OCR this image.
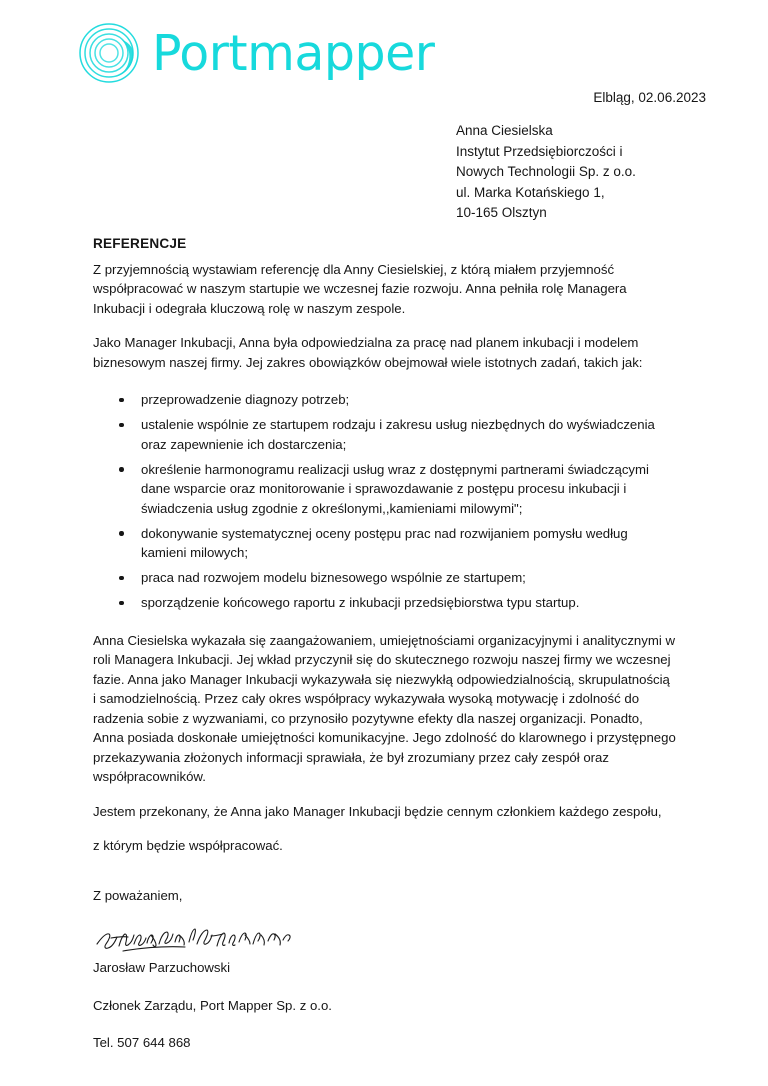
Portmapper
Elbląg, 02.06.2023
Anna Ciesielska
Instytut Przedsiębiorczości i
Nowych Technologii Sp. z o.o.
ul. Marka Kotańskiego 1,
10-165 Olsztyn
REFERENCJE

Z przyjemnością wystawiam referencję dla Anny Ciesielskiej, z którą miałem przyjemność współpracować w naszym startupie we wczesnej fazie rozwoju. Anna pełniła rolę Managera Inkubacji i odegrała kluczową rolę w naszym zespole.

Jako Manager Inkubacji, Anna była odpowiedzialna za pracę nad planem inkubacji i modelem biznesowym naszej firmy. Jej zakres obowiązków obejmował wiele istotnych zadań, takich jak:

przeprowadzenie diagnozy potrzeb;
ustalenie wspólnie ze startupem rodzaju i zakresu usług niezbędnych do wyświadczenia oraz zapewnienie ich dostarczenia;
określenie harmonogramu realizacji usług wraz z dostępnymi partnerami świadczącymi dane wsparcie oraz monitorowanie i sprawozdawanie z postępu procesu inkubacji i świadczenia usług zgodnie z określonymi,,kamieniami milowymi";
dokonywanie systematycznej oceny postępu prac nad rozwijaniem pomysłu według kamieni milowych;
praca nad rozwojem modelu biznesowego wspólnie ze startupem;
sporządzenie końcowego raportu z inkubacji przedsiębiorstwa typu startup.

Anna Ciesielska wykazała się zaangażowaniem, umiejętnościami organizacyjnymi i analitycznymi w roli Managera Inkubacji. Jej wkład przyczynił się do skutecznego rozwoju naszej firmy we wczesnej fazie. Anna jako Manager Inkubacji wykazywała się niezwykłą odpowiedzialnością, skrupulatnością i samodzielnością. Przez cały okres współpracy wykazywała wysoką motywację i zdolność do radzenia sobie z wyzwaniami, co przynosiło pozytywne efekty dla naszej organizacji. Ponadto, Anna posiada doskonałe umiejętności komunikacyjne. Jego zdolność do klarownego i przystępnego przekazywania złożonych informacji sprawiała, że był zrozumiany przez cały zespół oraz współpracowników.

Jestem przekonany, że Anna jako Manager Inkubacji będzie cennym członkiem każdego zespołu,

z którym będzie współpracować.

Z poważaniem,

Jarosław Parzuchowski

Członek Zarządu, Port Mapper Sp. z o.o.

Tel. 507 644 868
